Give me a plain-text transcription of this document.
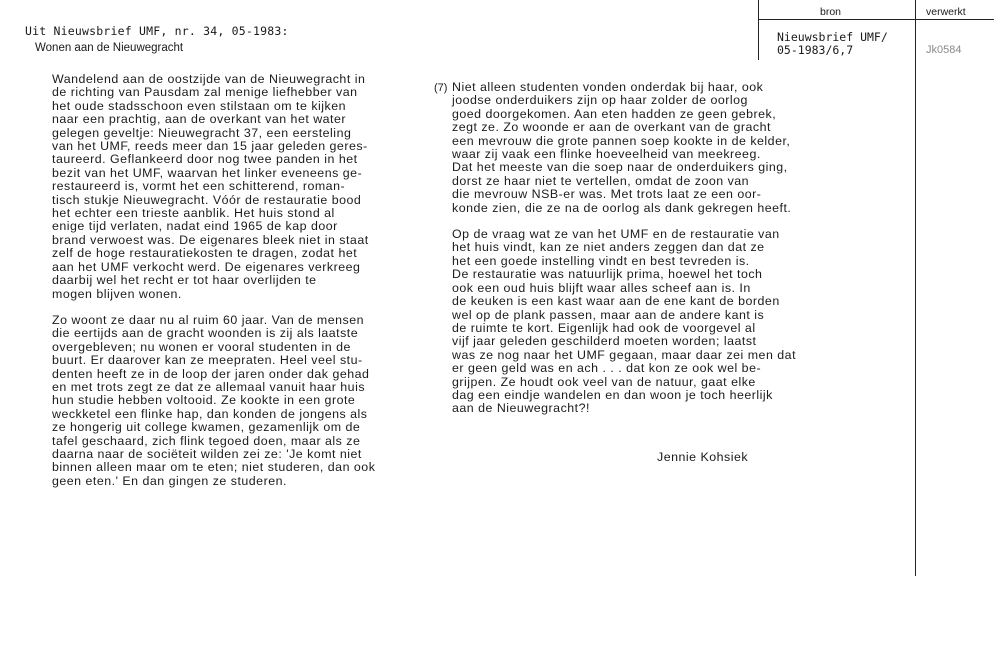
Uit Nieuwsbrief UMF, nr. 34, 05-1983:
Wonen aan de Nieuwegracht
bron	verwerkt
Nieuwsbrief UMF/
05-1983/6,7	Jk0584

Wandelend aan de oostzijde van de Nieuwegracht in
de richting van Pausdam zal menige liefhebber van
het oude stadsschoon even stilstaan om te kijken
naar een prachtig, aan de overkant van het water
gelegen geveltje: Nieuwegracht 37, een eersteling
van het UMF, reeds meer dan 15 jaar geleden geres-
taureerd. Geflankeerd door nog twee panden in het
bezit van het UMF, waarvan het linker eveneens ge-
restaureerd is, vormt het een schitterend, roman-
tisch stukje Nieuwegracht. Vóór de restauratie bood
het echter een trieste aanblik. Het huis stond al
enige tijd verlaten, nadat eind 1965 de kap door
brand verwoest was. De eigenares bleek niet in staat
zelf de hoge restauratiekosten te dragen, zodat het
aan het UMF verkocht werd. De eigenares verkreeg
daarbij wel het recht er tot haar overlijden te
mogen blijven wonen.

Zo woont ze daar nu al ruim 60 jaar. Van de mensen
die eertijds aan de gracht woonden is zij als laatste
overgebleven; nu wonen er vooral studenten in de
buurt. Er daarover kan ze meepraten. Heel veel stu-
denten heeft ze in de loop der jaren onder dak gehad
en met trots zegt ze dat ze allemaal vanuit haar huis
hun studie hebben voltooid. Ze kookte in een grote
weckketel een flinke hap, dan konden de jongens als
ze hongerig uit college kwamen, gezamenlijk om de
tafel geschaard, zich flink tegoed doen, maar als ze
daarna naar de sociëteit wilden zei ze: 'Je komt niet
binnen alleen maar om te eten; niet studeren, dan ook
geen eten.' En dan gingen ze studeren.

(7) Niet alleen studenten vonden onderdak bij haar, ook
joodse onderduikers zijn op haar zolder de oorlog
goed doorgekomen. Aan eten hadden ze geen gebrek,
zegt ze. Zo woonde er aan de overkant van de gracht
een mevrouw die grote pannen soep kookte in de kelder,
waar zij vaak een flinke hoeveelheid van meekreeg.
Dat het meeste van die soep naar de onderduikers ging,
dorst ze haar niet te vertellen, omdat de zoon van
die mevrouw NSB-er was. Met trots laat ze een oor-
konde zien, die ze na de oorlog als dank gekregen heeft.

Op de vraag wat ze van het UMF en de restauratie van
het huis vindt, kan ze niet anders zeggen dan dat ze
het een goede instelling vindt en best tevreden is.
De restauratie was natuurlijk prima, hoewel het toch
ook een oud huis blijft waar alles scheef aan is. In
de keuken is een kast waar aan de ene kant de borden
wel op de plank passen, maar aan de andere kant is
de ruimte te kort. Eigenlijk had ook de voorgevel al
vijf jaar geleden geschilderd moeten worden; laatst
was ze nog naar het UMF gegaan, maar daar zei men dat
er geen geld was en ach . . . dat kon ze ook wel be-
grijpen. Ze houdt ook veel van de natuur, gaat elke
dag een eindje wandelen en dan woon je toch heerlijk
aan de Nieuwegracht?!

Jennie Kohsiek
